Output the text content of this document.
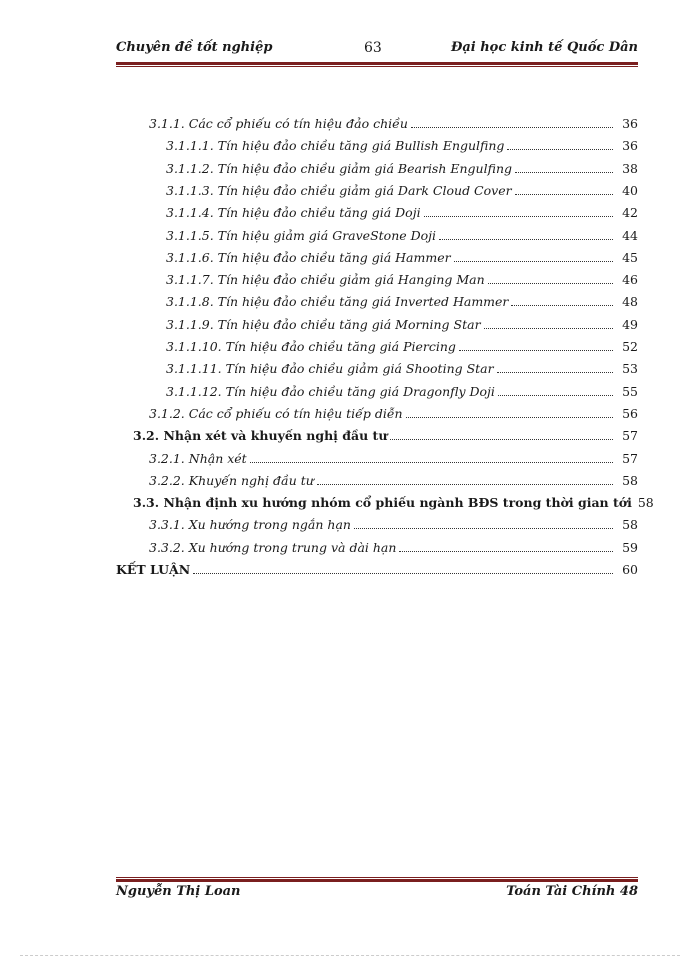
Chuyên đề tốt nghiệp	63	Đại học kinh tế Quốc Dân
3.1.1. Các cổ phiếu có tín hiệu đảo chiều	36
3.1.1.1. Tín hiệu đảo chiều tăng giá Bullish Engulfing	36
3.1.1.2. Tín hiệu đảo chiều giảm giá Bearish Engulfing	38
3.1.1.3. Tín hiệu đảo chiều giảm giá Dark Cloud Cover	40
3.1.1.4. Tín hiệu đảo chiều tăng giá Doji	42
3.1.1.5. Tín hiệu giảm giá GraveStone Doji	44
3.1.1.6. Tín hiệu đảo chiều tăng giá Hammer	45
3.1.1.7. Tín hiệu đảo chiều giảm giá Hanging Man	46
3.1.1.8. Tín hiệu đảo chiều tăng giá Inverted Hammer	48
3.1.1.9. Tín hiệu đảo chiều tăng giá Morning Star	49
3.1.1.10. Tín hiệu đảo chiều tăng giá Piercing	52
3.1.1.11. Tín hiệu đảo chiều giảm giá Shooting Star	53
3.1.1.12. Tín hiệu đảo chiều tăng giá Dragonfly Doji	55
3.1.2. Các cổ phiếu có tín hiệu tiếp diễn	56
3.2. Nhận xét và khuyến nghị đầu tư	57
3.2.1. Nhận xét	57
3.2.2. Khuyến nghị đầu tư	58
3.3. Nhận định xu hướng nhóm cổ phiếu ngành BĐS trong thời gian tới 58
3.3.1. Xu hướng trong ngắn hạn	58
3.3.2. Xu hướng trong trung và dài hạn	59
KẾT LUẬN	60
Nguyễn Thị Loan	Toán Tài Chính 48
